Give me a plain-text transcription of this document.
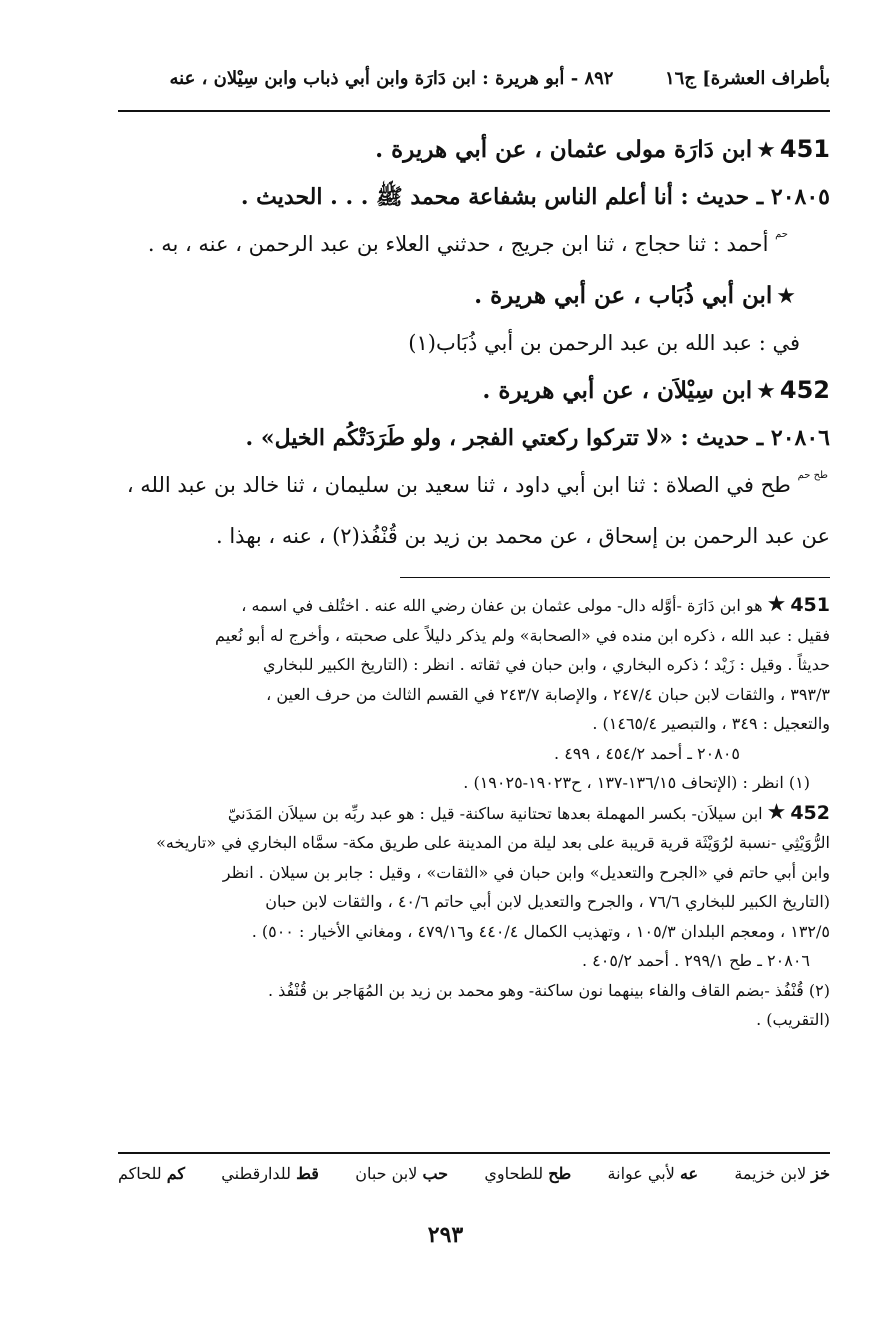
بأطراف العشرة] ج١٦
٨٩٢ - أبو هريرة : ابن دَارَة وابن أبي ذباب وابن سِيْلان ، عنه
451★ابن دَارَة مولى عثمان ، عن أبي هريرة .
٢٠٨٠٥ ـ حديث : أنا أعلم الناس بشفاعة محمد ﷺ . . . الحديث .
$^{حم}$ أحمد : ثنا حجاج ، ثنا ابن جريج ، حدثني العلاء بن عبد الرحمن ، عنه ، به .
★ابن أبي ذُبَاب ، عن أبي هريرة .
في : عبد الله بن عبد الرحمن بن أبي ذُبَاب(١)
452★ابن سِيْلاَن ، عن أبي هريرة .
٢٠٨٠٦ ـ حديث : «لا تتركوا ركعتي الفجر ، ولو طَرَدَتْكُم الخيل» .
$^{طح حم}$ طح في الصلاة : ثنا ابن أبي داود ، ثنا سعيد بن سليمان ، ثنا خالد بن عبد الله ،
عن عبد الرحمن بن إسحاق ، عن محمد بن زيد بن قُنْفُذ(٢) ، عنه ، بهذا .
451★هو ابن دَارَة -أوَّله دال- مولى عثمان بن عفان رضي الله عنه . اختُلف في اسمه ،
فقيل : عبد الله ، ذكره ابن منده في «الصحابة» ولم يذكر دليلاً على صحبته ، وأخرج له أبو نُعيم
حديثاً . وقيل : زَيْد ؛ ذكره البخاري ، وابن حبان في ثقاته . انظر : (التاريخ الكبير للبخاري
٣٩٣/٣ ، والثقات لابن حبان ٢٤٧/٤ ، والإصابة ٢٤٣/٧ في القسم الثالث من حرف العين ،
والتعجيل : ٣٤٩ ، والتبصير ١٤٦٥/٤) .
٢٠٨٠٥ ـ أحمد ٤٥٤/٢ ، ٤٩٩ .
(١) انظر : (الإتحاف ١٣٦/١٥-١٣٧ ، ح١٩٠٢٣-١٩٠٢٥) .
452★ابن سيلاَن- بكسر المهملة بعدها تحتانية ساكنة- قيل : هو عبد ربِّه بن سيلاَن المَدَنيّ
الرُّوَيْثِي -نسبة لرُوَيْثَة قرية قريبة على بعد ليلة من المدينة على طريق مكة- سمَّاه البخاري في «تاريخه»
وابن أبي حاتم في «الجرح والتعديل» وابن حبان في «الثقات» ، وقيل : جابر بن سيلان . انظر
(التاريخ الكبير للبخاري ٧٦/٦ ، والجرح والتعديل لابن أبي حاتم ٤٠/٦ ، والثقات لابن حبان
١٣٢/٥ ، ومعجم البلدان ١٠٥/٣ ، وتهذيب الكمال ٤٤٠/٤ و٤٧٩/١٦ ، ومغاني الأخيار : ٥٠٠) .
٢٠٨٠٦ ـ طح ٢٩٩/١ . أحمد ٤٠٥/٢ .
(٢) قُنْفُذ -بضم القاف والفاء بينهما نون ساكنة- وهو محمد بن زيد بن المُهَاجر بن قُنْفُذ .
(التقريب) .
خز لابن خزيمة
عه لأبي عوانة
طح للطحاوي
حب لابن حبان
قط للدارقطني
كم للحاكم
٢٩٣
